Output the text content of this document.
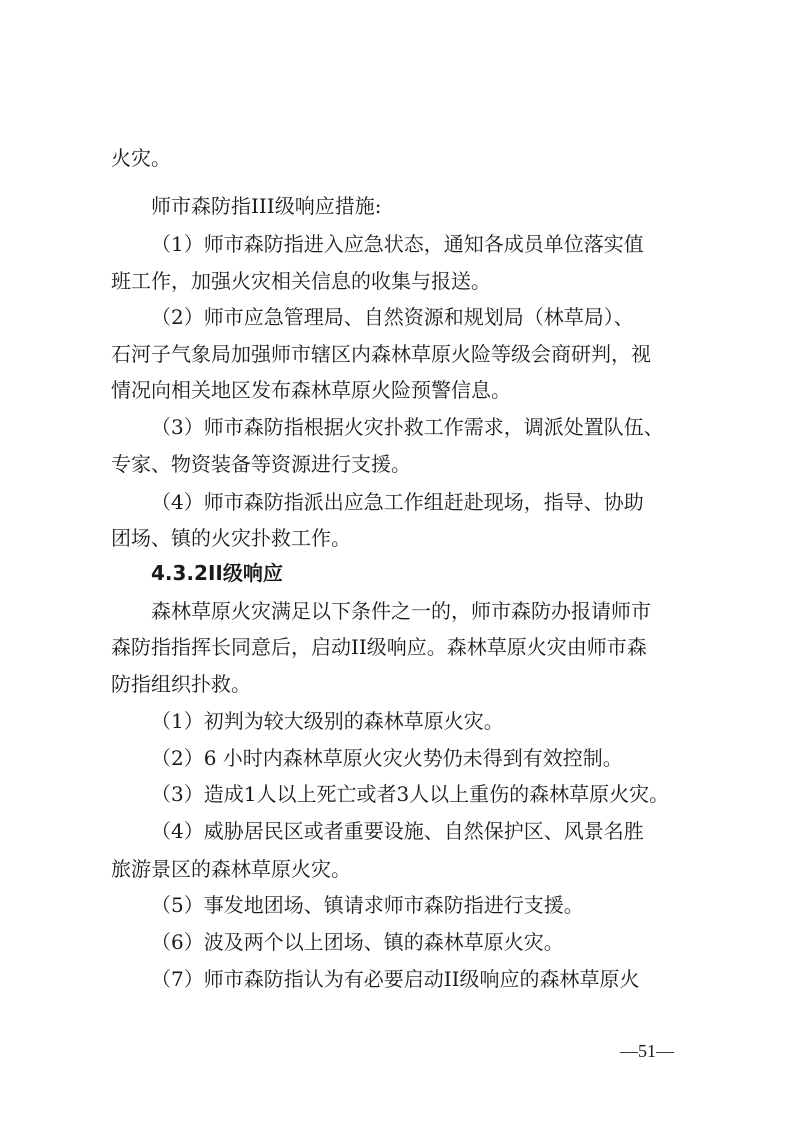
火灾。
师市森防指III级响应措施:
（1）师市森防指进入应急状态，通知各成员单位落实值
班工作，加强火灾相关信息的收集与报送。
（2）师市应急管理局、自然资源和规划局（林草局）、
石河子气象局加强师市辖区内森林草原火险等级会商研判，视
情况向相关地区发布森林草原火险预警信息。
（3）师市森防指根据火灾扑救工作需求，调派处置队伍、
专家、物资装备等资源进行支援。
（4）师市森防指派出应急工作组赶赴现场，指导、协助
团场、镇的火灾扑救工作。
4.3.2II级响应
森林草原火灾满足以下条件之一的，师市森防办报请师市
森防指指挥长同意后，启动II级响应。森林草原火灾由师市森
防指组织扑救。
（1）初判为较大级别的森林草原火灾。
（2）6 小时内森林草原火灾火势仍未得到有效控制。
（3）造成1人以上死亡或者3人以上重伤的森林草原火灾。
（4）威胁居民区或者重要设施、自然保护区、风景名胜
旅游景区的森林草原火灾。
（5）事发地团场、镇请求师市森防指进行支援。
（6）波及两个以上团场、镇的森林草原火灾。
（7）师市森防指认为有必要启动II级响应的森林草原火
—51—
